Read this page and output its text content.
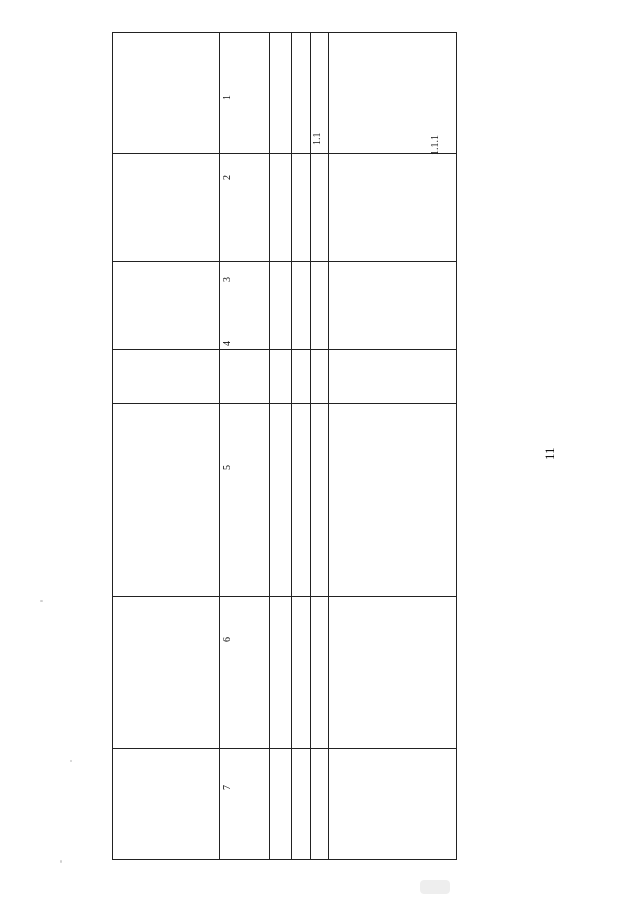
11
1
2
3
4
5
6
7
1.1	1.1.1
